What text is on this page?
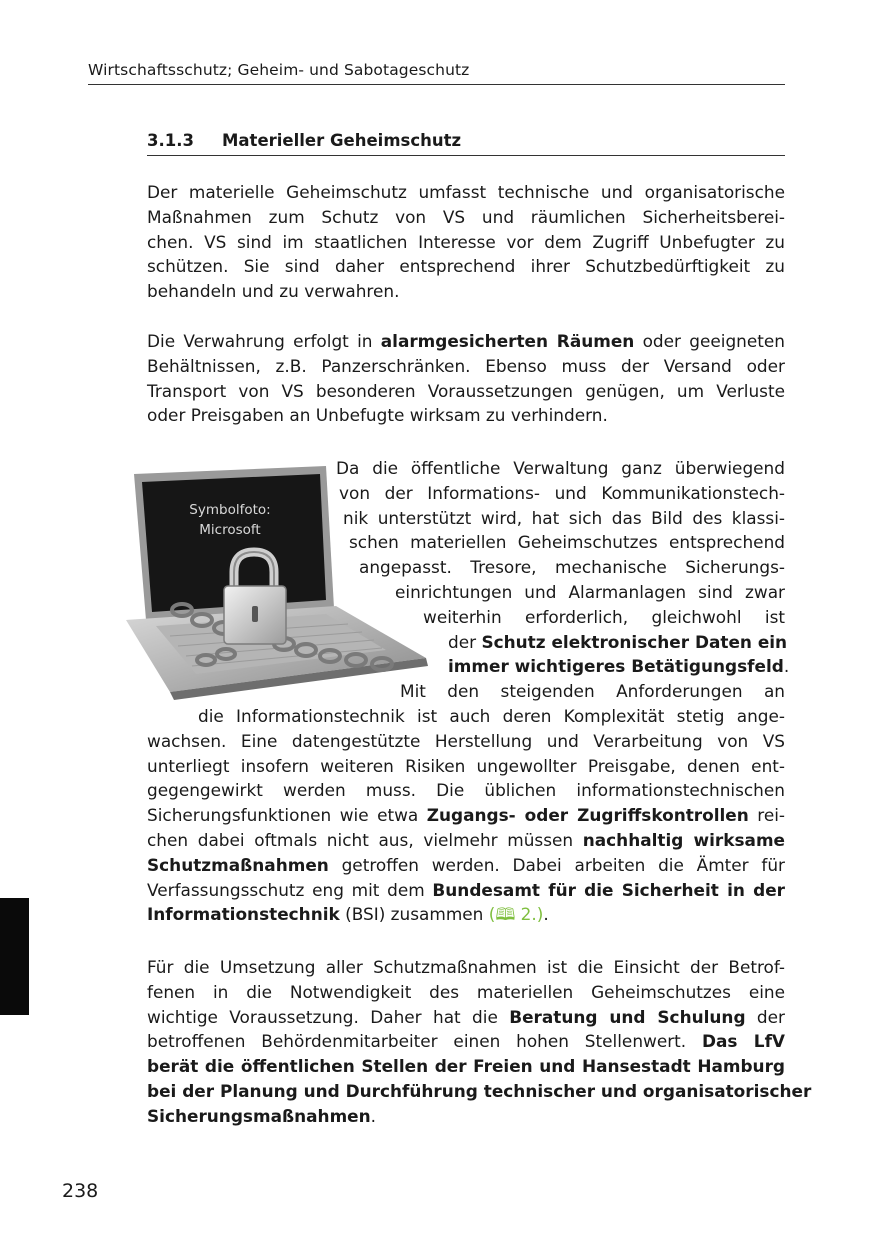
Wirtschaftsschutz; Geheim- und Sabotageschutz
3.1.3 Materieller Geheimschutz
Der materielle Geheimschutz umfasst technische und organisatorische
Maßnahmen zum Schutz von VS und räumlichen Sicherheitsberei-
chen. VS sind im staatlichen Interesse vor dem Zugriff Unbefugter zu
schützen. Sie sind daher entsprechend ihrer Schutzbedürftigkeit zu
behandeln und zu verwahren.
Die Verwahrung erfolgt in alarmgesicherten Räumen oder geeigneten
Behältnissen, z.B. Panzerschränken. Ebenso muss der Versand oder
Transport von VS besonderen Voraussetzungen genügen, um Verluste
oder Preisgaben an Unbefugte wirksam zu verhindern.
Symbolfoto:
Microsoft
Da die öffentliche Verwaltung ganz überwiegend
von der Informations- und Kommunikationstech-
nik unterstützt wird, hat sich das Bild des klassi-
schen materiellen Geheimschutzes entsprechend
angepasst. Tresore, mechanische Sicherungs-
einrichtungen und Alarmanlagen sind zwar
weiterhin erforderlich, gleichwohl ist
der Schutz elektronischer Daten ein
immer wichtigeres Betätigungsfeld.
Mit den steigenden Anforderungen an
die Informationstechnik ist auch deren Komplexität stetig ange-
wachsen. Eine datengestützte Herstellung und Verarbeitung von VS
unterliegt insofern weiteren Risiken ungewollter Preisgabe, denen ent-
gegengewirkt werden muss. Die üblichen informationstechnischen
Sicherungsfunktionen wie etwa Zugangs- oder Zugriffskontrollen rei-
chen dabei oftmals nicht aus, vielmehr müssen nachhaltig wirksame
Schutzmaßnahmen getroffen werden. Dabei arbeiten die Ämter für
Verfassungsschutz eng mit dem Bundesamt für die Sicherheit in der
Informationstechnik (BSI) zusammen (🕮 2.).
Für die Umsetzung aller Schutzmaßnahmen ist die Einsicht der Betrof-
fenen in die Notwendigkeit des materiellen Geheimschutzes eine
wichtige Voraussetzung. Daher hat die Beratung und Schulung der
betroffenen Behördenmitarbeiter einen hohen Stellenwert. Das LfV
berät die öffentlichen Stellen der Freien und Hansestadt Hamburg
bei der Planung und Durchführung technischer und organisatorischer
Sicherungsmaßnahmen.
238
